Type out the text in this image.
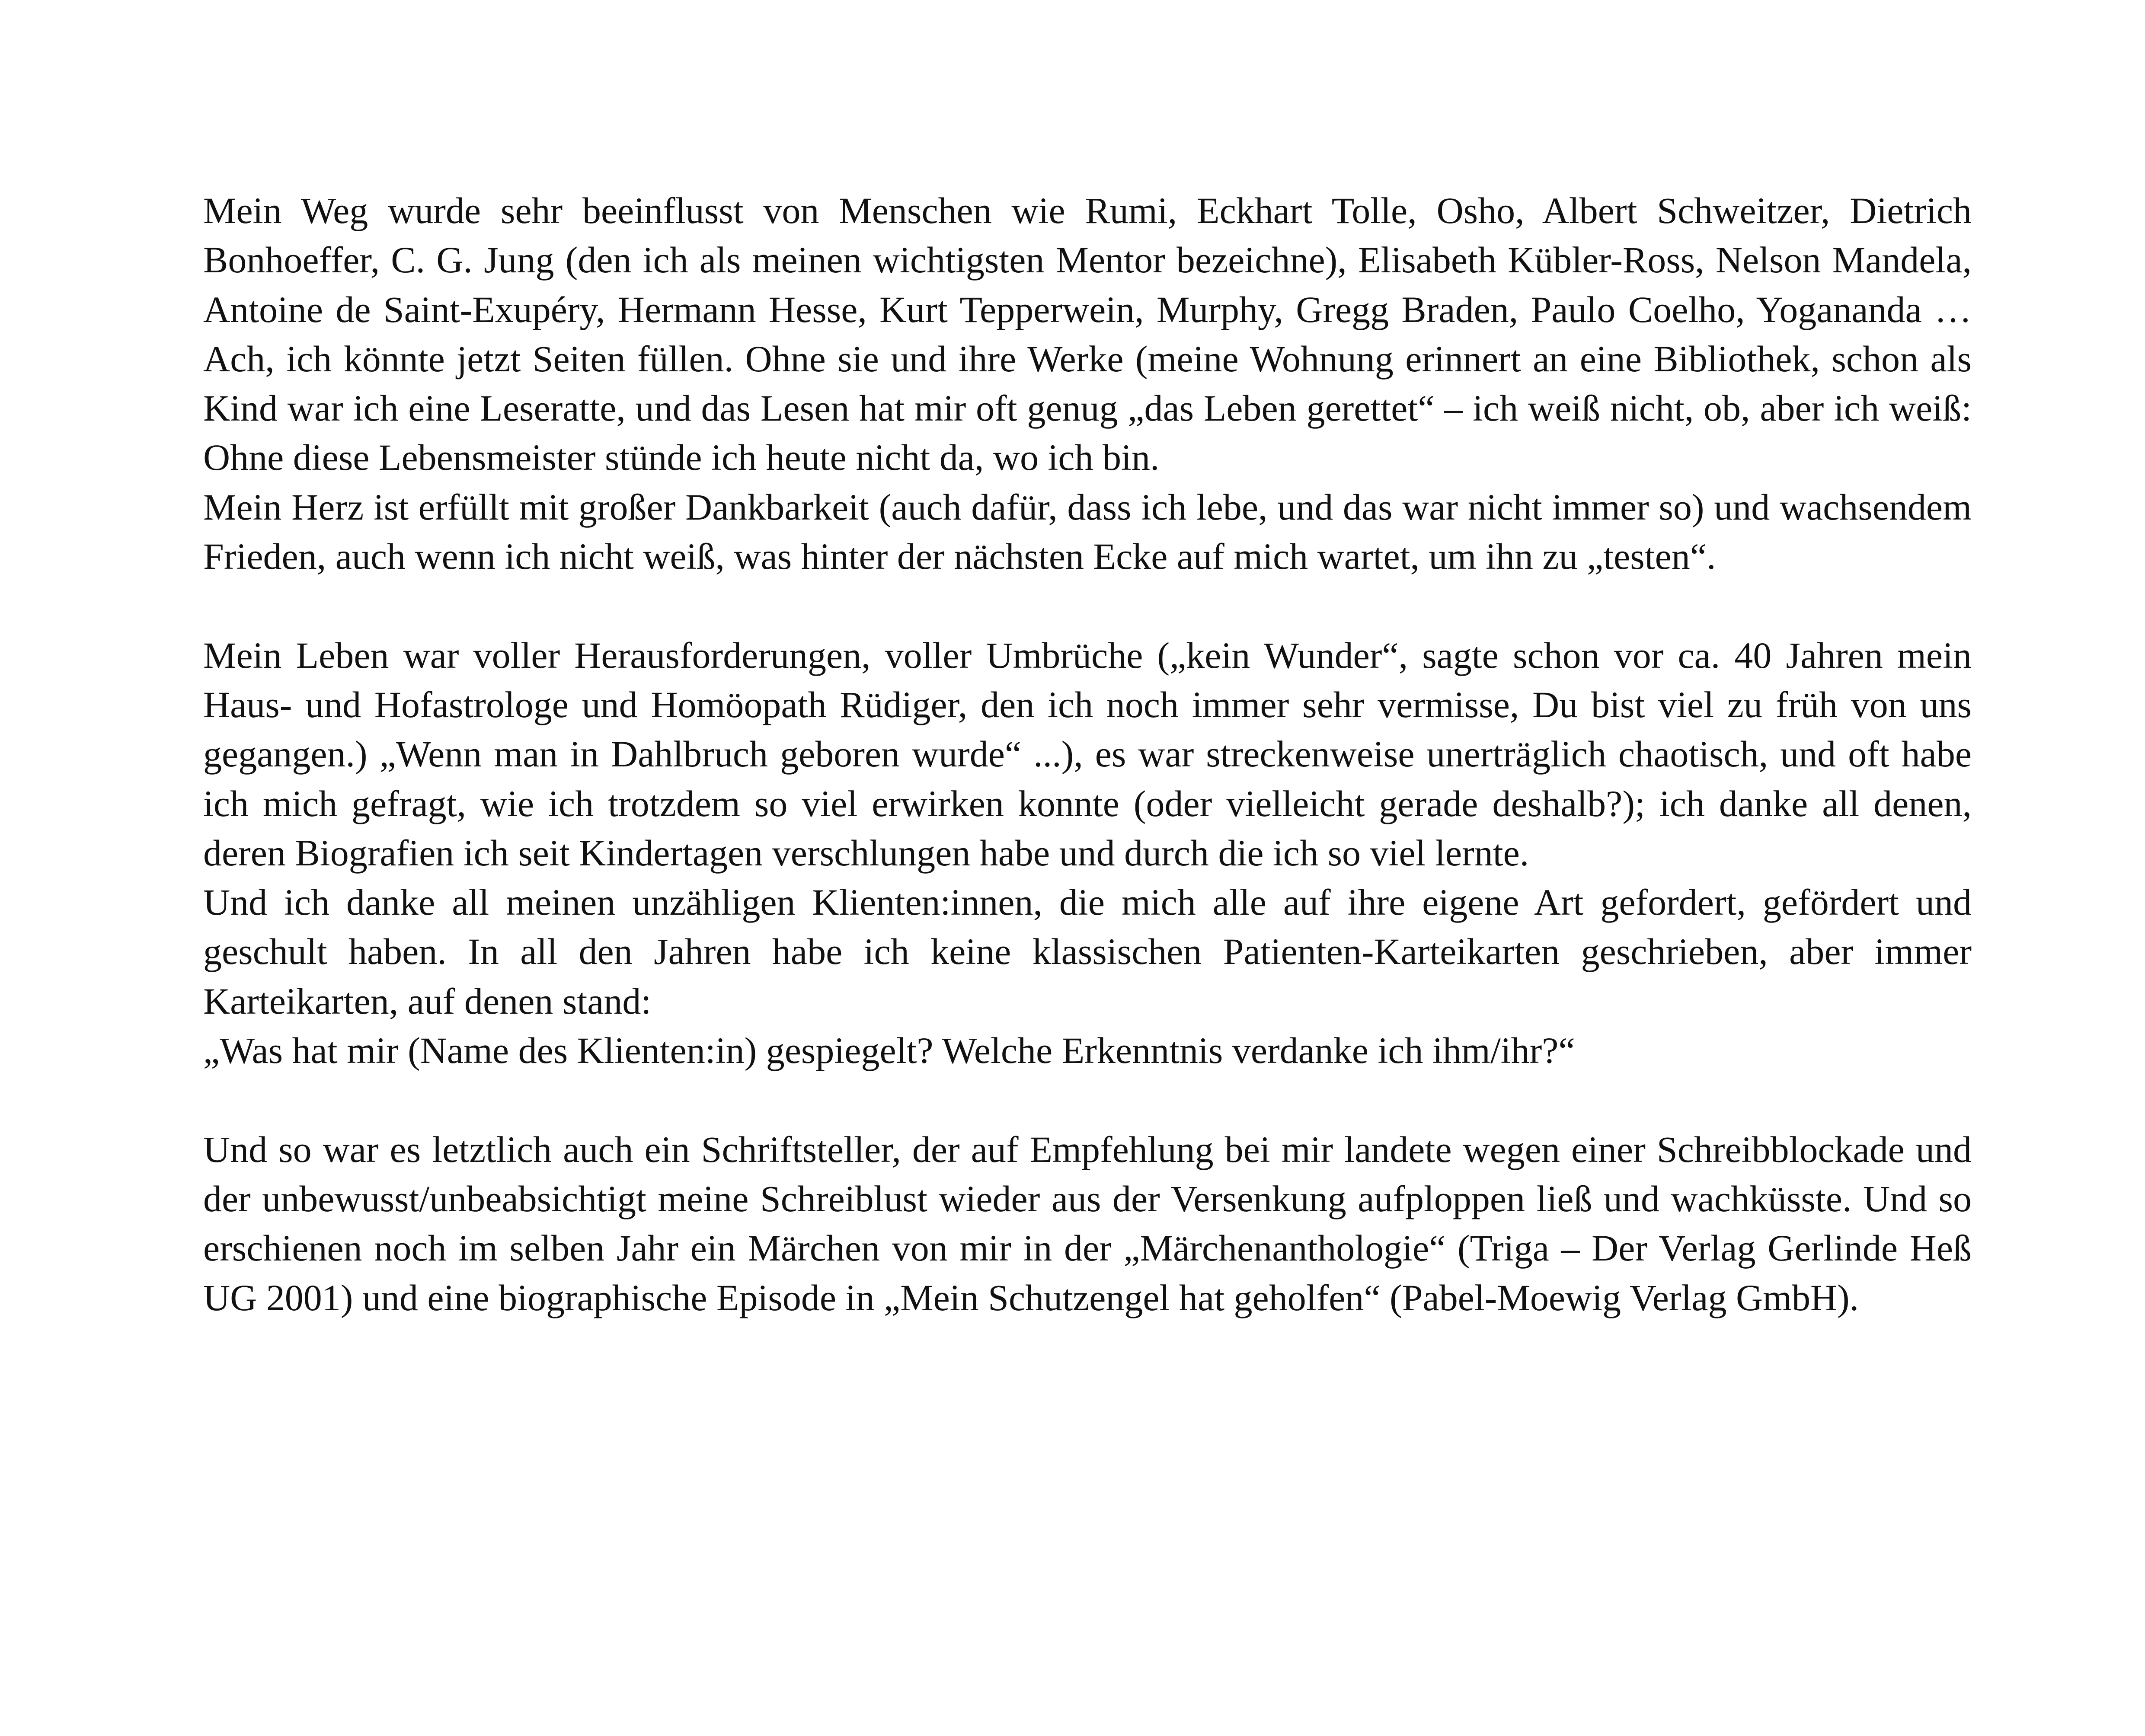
Mein Weg wurde sehr beeinflusst von Menschen wie Rumi, Eckhart Tolle, Osho, Albert Schweitzer, Dietrich Bonhoeffer, C. G. Jung (den ich als meinen wichtigsten Mentor bezeichne), Elisabeth Kübler-Ross, Nelson Mandela, Antoine de Saint-Exupéry, Hermann Hesse, Kurt Tepperwein, Murphy, Gregg Braden, Paulo Coelho, Yogananda … Ach, ich könnte jetzt Seiten füllen. Ohne sie und ihre Werke (meine Wohnung erinnert an eine Bibliothek, schon als Kind war ich eine Leseratte, und das Lesen hat mir oft genug „das Leben gerettet“ – ich weiß nicht, ob, aber ich weiß: Ohne diese Lebensmeister stünde ich heute nicht da, wo ich bin.

Mein Herz ist erfüllt mit großer Dankbarkeit (auch dafür, dass ich lebe, und das war nicht immer so) und wachsendem Frieden, auch wenn ich nicht weiß, was hinter der nächsten Ecke auf mich wartet, um ihn zu „testen“.

Mein Leben war voller Herausforderungen, voller Umbrüche („kein Wunder“, sagte schon vor ca. 40 Jahren mein Haus- und Hofastrologe und Homöopath Rüdiger, den ich noch immer sehr vermisse, Du bist viel zu früh von uns gegangen.) „Wenn man in Dahlbruch geboren wurde“ ...), es war streckenweise unerträglich chaotisch, und oft habe ich mich gefragt, wie ich trotzdem so viel erwirken konnte (oder vielleicht gerade deshalb?); ich danke all denen, deren Biografien ich seit Kindertagen verschlungen habe und durch die ich so viel lernte.

Und ich danke all meinen unzähligen Klienten:innen, die mich alle auf ihre eigene Art gefordert, gefördert und geschult haben. In all den Jahren habe ich keine klassischen Patienten-Karteikarten geschrieben, aber immer Karteikarten, auf denen stand:

„Was hat mir (Name des Klienten:in) gespiegelt? Welche Erkenntnis verdanke ich ihm/ihr?“

Und so war es letztlich auch ein Schriftsteller, der auf Empfehlung bei mir landete wegen einer Schreibblockade und der unbewusst/unbeabsichtigt meine Schreiblust wieder aus der Versenkung aufploppen ließ und wachküsste. Und so erschienen noch im selben Jahr ein Märchen von mir in der „Märchenanthologie“ (Triga – Der Verlag Gerlinde Heß UG 2001) und eine biographische Episode in „Mein Schutzengel hat geholfen“ (Pabel-Moewig Verlag GmbH).
